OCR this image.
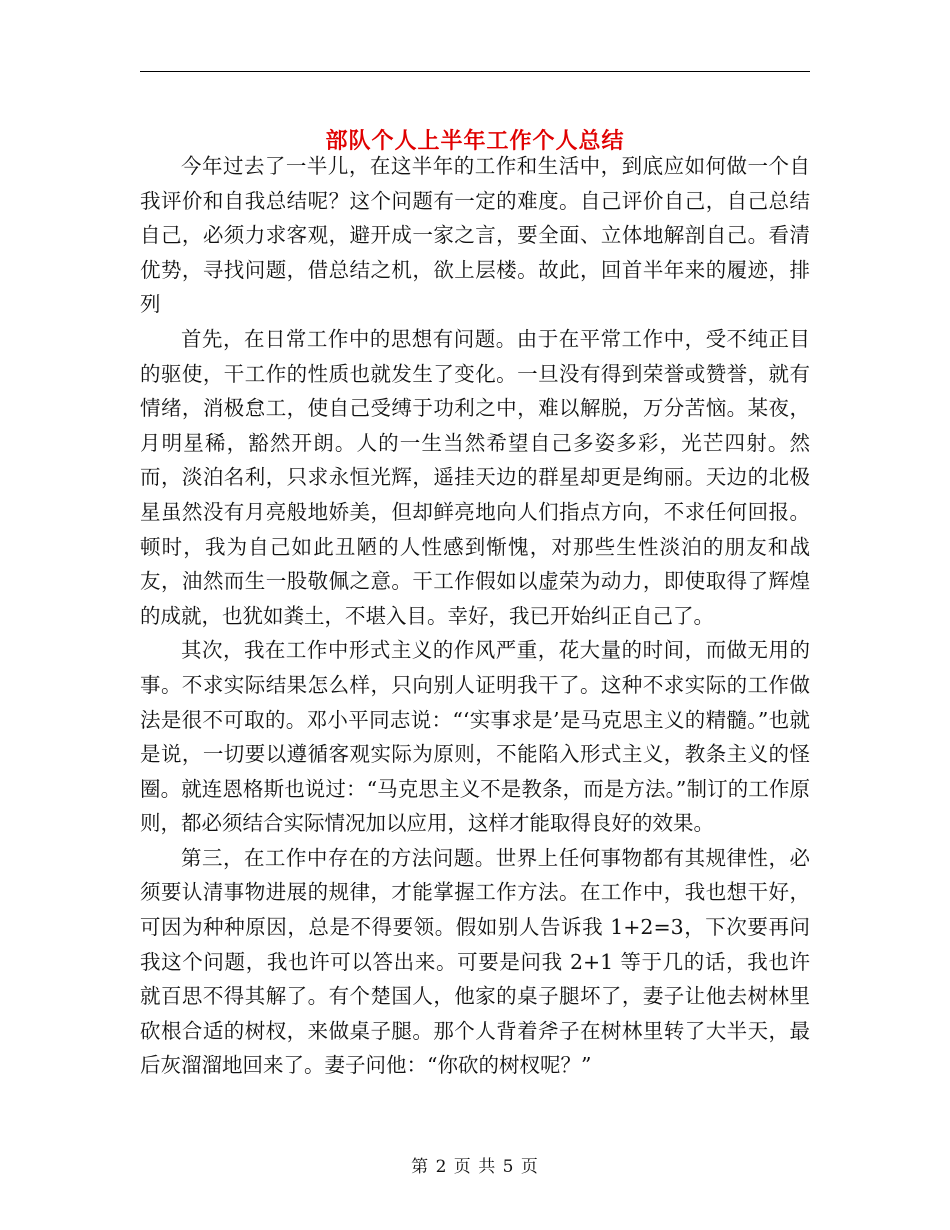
部队个人上半年工作个人总结

今年过去了一半儿，在这半年的工作和生活中，到底应如何做一个自我评价和自我总结呢？这个问题有一定的难度。自己评价自己，自己总结自己，必须力求客观，避开成一家之言，要全面、立体地解剖自己。看清优势，寻找问题，借总结之机，欲上层楼。故此，回首半年来的履迹，排列

首先，在日常工作中的思想有问题。由于在平常工作中，受不纯正目的驱使，干工作的性质也就发生了变化。一旦没有得到荣誉或赞誉，就有情绪，消极怠工，使自己受缚于功利之中，难以解脱，万分苦恼。某夜，月明星稀，豁然开朗。人的一生当然希望自己多姿多彩，光芒四射。然而，淡泊名利，只求永恒光辉，遥挂天边的群星却更是绚丽。天边的北极星虽然没有月亮般地娇美，但却鲜亮地向人们指点方向，不求任何回报。顿时，我为自己如此丑陋的人性感到惭愧，对那些生性淡泊的朋友和战友，油然而生一股敬佩之意。干工作假如以虚荣为动力，即使取得了辉煌的成就，也犹如粪土，不堪入目。幸好，我已开始纠正自己了。

其次，我在工作中形式主义的作风严重，花大量的时间，而做无用的事。不求实际结果怎么样，只向别人证明我干了。这种不求实际的工作做法是很不可取的。邓小平同志说：“‘实事求是’是马克思主义的精髓。”也就是说，一切要以遵循客观实际为原则，不能陷入形式主义，教条主义的怪圈。就连恩格斯也说过：“马克思主义不是教条，而是方法。”制订的工作原则，都必须结合实际情况加以应用，这样才能取得良好的效果。

第三，在工作中存在的方法问题。世界上任何事物都有其规律性，必须要认清事物进展的规律，才能掌握工作方法。在工作中，我也想干好，可因为种种原因，总是不得要领。假如别人告诉我 1+2=3，下次要再问我这个问题，我也许可以答出来。可要是问我 2+1 等于几的话，我也许就百思不得其解了。有个楚国人，他家的桌子腿坏了，妻子让他去树林里砍根合适的树杈，来做桌子腿。那个人背着斧子在树林里转了大半天，最后灰溜溜地回来了。妻子问他：“你砍的树杈呢？”

第 2 页 共 5 页
